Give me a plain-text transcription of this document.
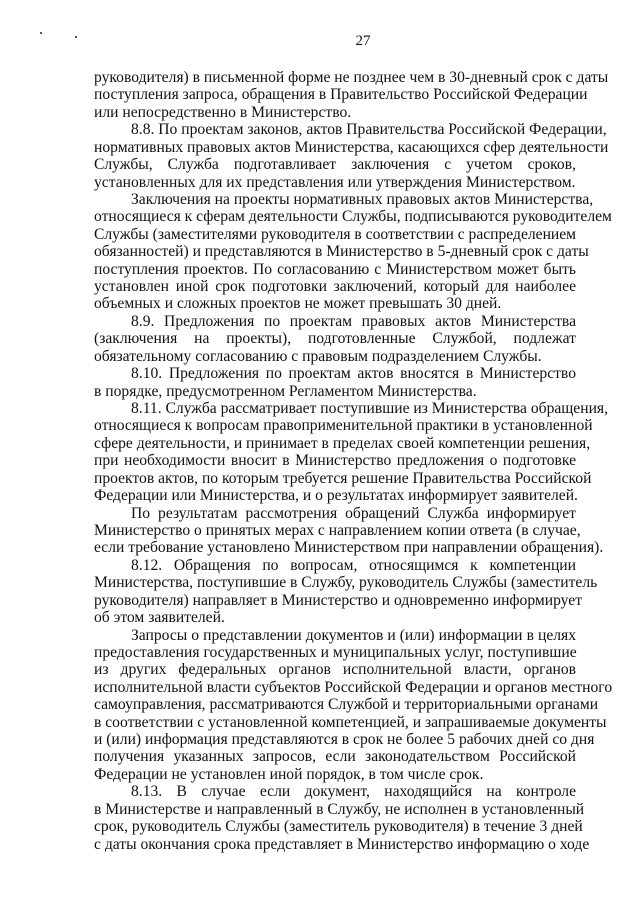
27
руководителя) в письменной форме не позднее чем в 30-дневный срок с даты
поступления запроса, обращения в Правительство Российской Федерации
или непосредственно в Министерство.
8.8. По проектам законов, актов Правительства Российской Федерации,
нормативных правовых актов Министерства, касающихся сфер деятельности
Службы, Служба подготавливает заключения с учетом сроков,
установленных для их представления или утверждения Министерством.
Заключения на проекты нормативных правовых актов Министерства,
относящиеся к сферам деятельности Службы, подписываются руководителем
Службы (заместителями руководителя в соответствии с распределением
обязанностей) и представляются в Министерство в 5-дневный срок с даты
поступления проектов. По согласованию с Министерством может быть
установлен иной срок подготовки заключений, который для наиболее
объемных и сложных проектов не может превышать 30 дней.
8.9. Предложения по проектам правовых актов Министерства
(заключения на проекты), подготовленные Службой, подлежат
обязательному согласованию с правовым подразделением Службы.
8.10. Предложения по проектам актов вносятся в Министерство
в порядке, предусмотренном Регламентом Министерства.
8.11. Служба рассматривает поступившие из Министерства обращения,
относящиеся к вопросам правоприменительной практики в установленной
сфере деятельности, и принимает в пределах своей компетенции решения,
при необходимости вносит в Министерство предложения о подготовке
проектов актов, по которым требуется решение Правительства Российской
Федерации или Министерства, и о результатах информирует заявителей.
По результатам рассмотрения обращений Служба информирует
Министерство о принятых мерах с направлением копии ответа (в случае,
если требование установлено Министерством при направлении обращения).
8.12. Обращения по вопросам, относящимся к компетенции
Министерства, поступившие в Службу, руководитель Службы (заместитель
руководителя) направляет в Министерство и одновременно информирует
об этом заявителей.
Запросы о представлении документов и (или) информации в целях
предоставления государственных и муниципальных услуг, поступившие
из других федеральных органов исполнительной власти, органов
исполнительной власти субъектов Российской Федерации и органов местного
самоуправления, рассматриваются Службой и территориальными органами
в соответствии с установленной компетенцией, и запрашиваемые документы
и (или) информация представляются в срок не более 5 рабочих дней со дня
получения указанных запросов, если законодательством Российской
Федерации не установлен иной порядок, в том числе срок.
8.13. В случае если документ, находящийся на контроле
в Министерстве и направленный в Службу, не исполнен в установленный
срок, руководитель Службы (заместитель руководителя) в течение 3 дней
с даты окончания срока представляет в Министерство информацию о ходе
